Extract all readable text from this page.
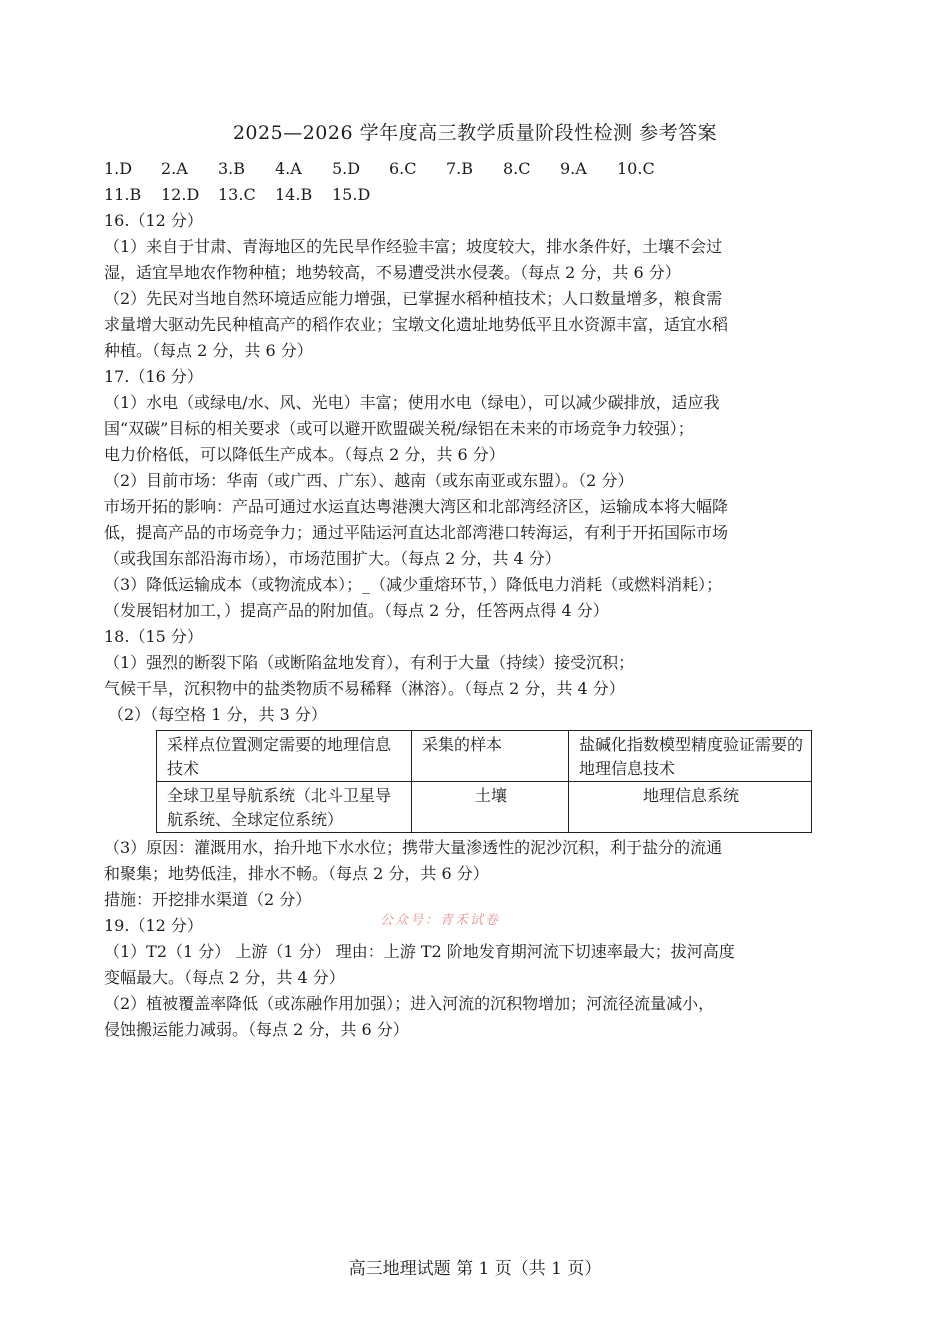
2025—2026 学年度高三教学质量阶段性检测 参考答案
1.D	2.A	3.B	4.A	5.D	6.C	7.B	8.C	9.A	10.C
11.B	12.D	13.C	14.B	15.D
16.（12 分）
（1）来自于甘肃、青海地区的先民旱作经验丰富；坡度较大，排水条件好，土壤不会过
湿，适宜旱地农作物种植；地势较高，不易遭受洪水侵袭。（每点 2 分，共 6 分）
（2）先民对当地自然环境适应能力增强，已掌握水稻种植技术；人口数量增多，粮食需
求量增大驱动先民种植高产的稻作农业；宝墩文化遗址地势低平且水资源丰富，适宜水稻
种植。（每点 2 分，共 6 分）
17.（16 分）
（1）水电（或绿电/水、风、光电）丰富；使用水电（绿电），可以减少碳排放，适应我
国“双碳”目标的相关要求（或可以避开欧盟碳关税/绿铝在未来的市场竞争力较强）；
电力价格低，可以降低生产成本。（每点 2 分，共 6 分）
（2）目前市场：华南（或广西、广东）、越南（或东南亚或东盟）。（2 分）
市场开拓的影响：产品可通过水运直达粤港澳大湾区和北部湾经济区，运输成本将大幅降
低，提高产品的市场竞争力；通过平陆运河直达北部湾港口转海运，有利于开拓国际市场
（或我国东部沿海市场），市场范围扩大。（每点 2 分，共 4 分）
（3）降低运输成本（或物流成本）；_（减少重熔环节，）降低电力消耗（或燃料消耗）；
（发展铝材加工，）提高产品的附加值。（每点 2 分，任答两点得 4 分）
18.（15 分）
（1）强烈的断裂下陷（或断陷盆地发育），有利于大量（持续）接受沉积；
气候干旱，沉积物中的盐类物质不易稀释（淋溶）。（每点 2 分，共 4 分）
（2）（每空格 1 分，共 3 分）
采样点位置测定需要的地理信息技术	采集的样本	盐碱化指数模型精度验证需要的地理信息技术
全球卫星导航系统（北斗卫星导航系统、全球定位系统）	土壤	地理信息系统
（3）原因：灌溉用水，抬升地下水水位；携带大量渗透性的泥沙沉积，利于盐分的流通
和聚集；地势低洼，排水不畅。（每点 2 分，共 6 分）
措施：开挖排水渠道（2 分）
19.（12 分）
（1）T2（1 分） 上游（1 分） 理由：上游 T2 阶地发育期河流下切速率最大；拔河高度
变幅最大。（每点 2 分，共 4 分）
（2）植被覆盖率降低（或冻融作用加强）；进入河流的沉积物增加；河流径流量减小，
侵蚀搬运能力减弱。（每点 2 分，共 6 分）
公众号：青禾试卷
高三地理试题 第 1 页（共 1 页）
